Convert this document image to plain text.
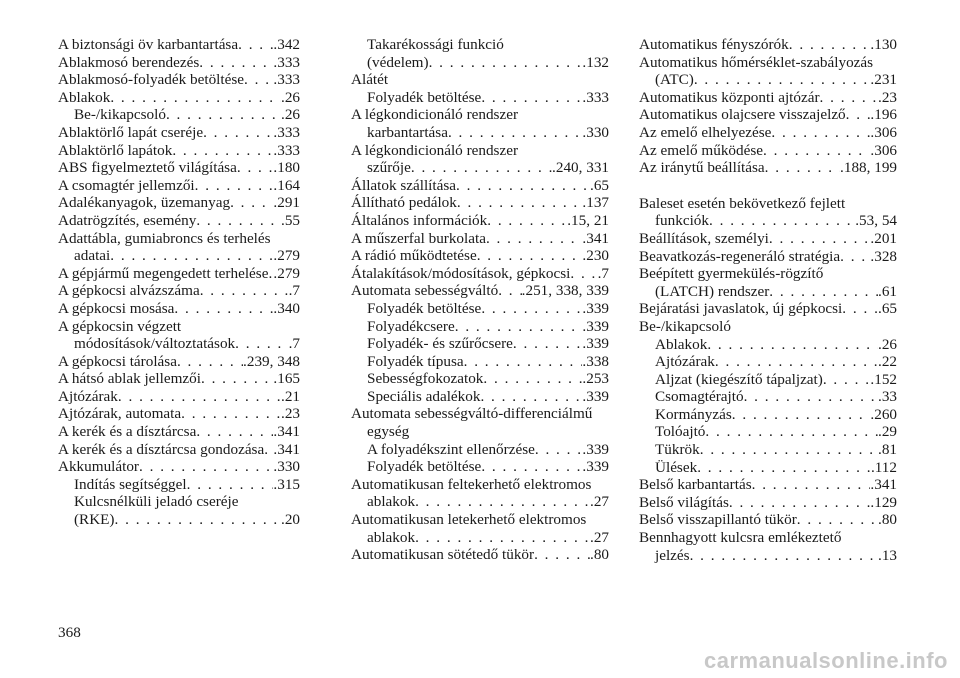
A biztonsági öv karbantartása . . . .342
Ablakmosó berendezés . . .	.333
Ablakmosó-folyadék betöltése . . . .333
Ablakok . . .	.26
Be-/kikapcsoló . . .	.26
Ablaktörlő lapát cseréje . . .	.333
Ablaktörlő lapátok . . .	.333
ABS figyelmeztető világítása . . . .180
A csomagtér jellemzői . . .	.164
Adalékanyagok, üzemanyag . . .	.291
Adatrögzítés, esemény . . .	.55
Adattábla, gumiabroncs és terhelés
adatai . . .	.279
A gépjármű megengedett terhelése . . . .279
A gépkocsi alvázszáma . . .	.7
A gépkocsi mosása . . .	.340
A gépkocsin végzett
módosítások/változtatások . . .	.7
A gépkocsi tárolása . . .	.239, 348
A hátsó ablak jellemzői . . .	.165
Ajtózárak . . .	.21
Ajtózárak, automata . . .	.23
A kerék és a dísztárcsa . . .	.341
A kerék és a dísztárcsa gondozása . . . .341
Akkumulátor . . .	.330
Indítás segítséggel . . .	.315
Kulcsnélküli jeladó cseréje
(RKE) . . .	.20
Takarékossági funkció
(védelem) . . .	.132
Alátét
Folyadék betöltése . . .	.333
A légkondicionáló rendszer
karbantartása . . .	.330
A légkondicionáló rendszer
szűrője . . .	.240, 331
Állatok szállítása . . .	.65
Állítható pedálok . . .	.137
Általános információk . . .	.15, 21
A műszerfal burkolata . . .	.341
A rádió működtetése . . .	.230
Átalakítások/módosítások, gépkocsi . . . .7
Automata sebességváltó . . . .251, 338, 339
Folyadék betöltése . . .	.339
Folyadékcsere . . .	.339
Folyadék- és szűrőcsere . . .	.339
Folyadék típusa . . .	.338
Sebességfokozatok . . .	.253
Speciális adalékok . . .	.339
Automata sebességváltó-differenciálmű
egység
A folyadékszint ellenőrzése . . .	.339
Folyadék betöltése . . .	.339
Automatikusan feltekerhető elektromos
ablakok . . .	.27
Automatikusan letekerhető elektromos
ablakok . . .	.27
Automatikusan sötétedő tükör . . .	.80
Automatikus fényszórók . . .	.130
Automatikus hőmérséklet-szabályozás
(ATC) . . .	.231
Automatikus központi ajtózár . . .	.23
Automatikus olajcsere visszajelző . . . .196
Az emelő elhelyezése . . .	.306
Az emelő működése . . .	.306
Az iránytű beállítása . . .	.188, 199
Baleset esetén bekövetkező fejlett
funkciók . . .	.53, 54
Beállítások, személyi . . .	.201
Beavatkozás-regeneráló stratégia . . . .328
Beépített gyermekülés-rögzítő
(LATCH) rendszer . . .	.61
Bejáratási javaslatok, új gépkocsi . . . .65
Be-/kikapcsoló
Ablakok . . .	.26
Ajtózárak . . .	.22
Aljzat (kiegészítő tápaljzat) . . .	.152
Csomagtérajtó . . .	.33
Kormányzás . . .	.260
Tolóajtó . . .	.29
Tükrök . . .	.81
Ülések . . .	.112
Belső karbantartás . . .	.341
Belső világítás . . .	.129
Belső visszapillantó tükör . . .	.80
Bennhagyott kulcsra emlékeztető
jelzés . . .	.13
368
carmanualsonline.info
